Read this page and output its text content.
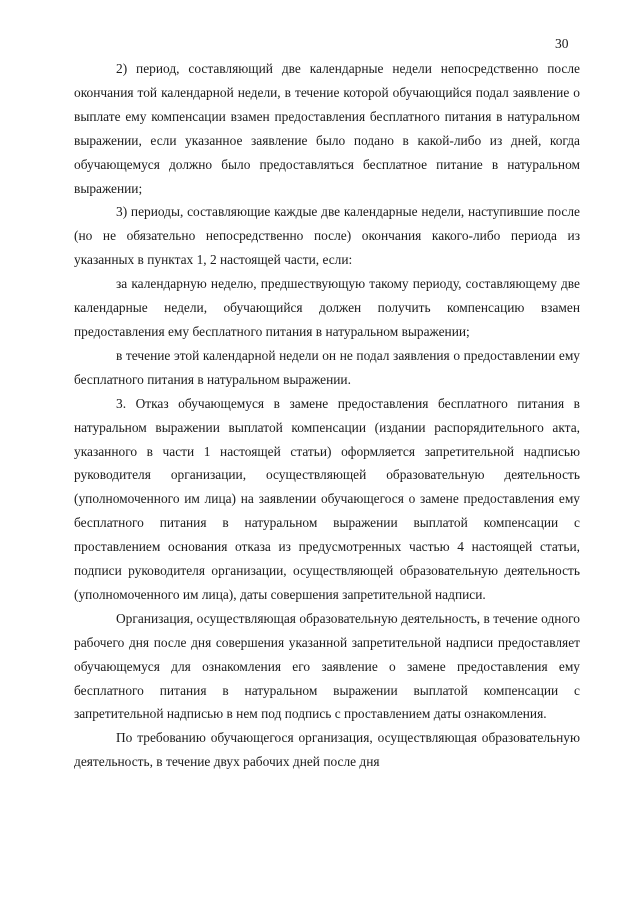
30

2) период, составляющий две календарные недели непосредственно после окончания той календарной недели, в течение которой обучающийся подал заявление о выплате ему компенсации взамен предоставления бесплатного питания в натуральном выражении, если указанное заявление было подано в какой-либо из дней, когда обучающемуся должно было предоставляться бесплатное питание в натуральном выражении;

3) периоды, составляющие каждые две календарные недели, наступившие после (но не обязательно непосредственно после) окончания какого-либо периода из указанных в пунктах 1, 2 настоящей части, если:

за календарную неделю, предшествующую такому периоду, составляющему две календарные недели, обучающийся должен получить компенсацию взамен предоставления ему бесплатного питания в натуральном выражении;

в течение этой календарной недели он не подал заявления о предоставлении ему бесплатного питания в натуральном выражении.

3. Отказ обучающемуся в замене предоставления бесплатного питания в натуральном выражении выплатой компенсации (издании распорядительного акта, указанного в части 1 настоящей статьи) оформляется запретительной надписью руководителя организации, осуществляющей образовательную деятельность (уполномоченного им лица) на заявлении обучающегося о замене предоставления ему бесплатного питания в натуральном выражении выплатой компенсации с проставлением основания отказа из предусмотренных частью 4 настоящей статьи, подписи руководителя организации, осуществляющей образовательную деятельность (уполномоченного им лица), даты совершения запретительной надписи.

Организация, осуществляющая образовательную деятельность, в течение одного рабочего дня после дня совершения указанной запретительной надписи предоставляет обучающемуся для ознакомления его заявление о замене предоставления ему бесплатного питания в натуральном выражении выплатой компенсации с запретительной надписью в нем под подпись с проставлением даты ознакомления.

По требованию обучающегося организация, осуществляющая образовательную деятельность, в течение двух рабочих дней после дня
